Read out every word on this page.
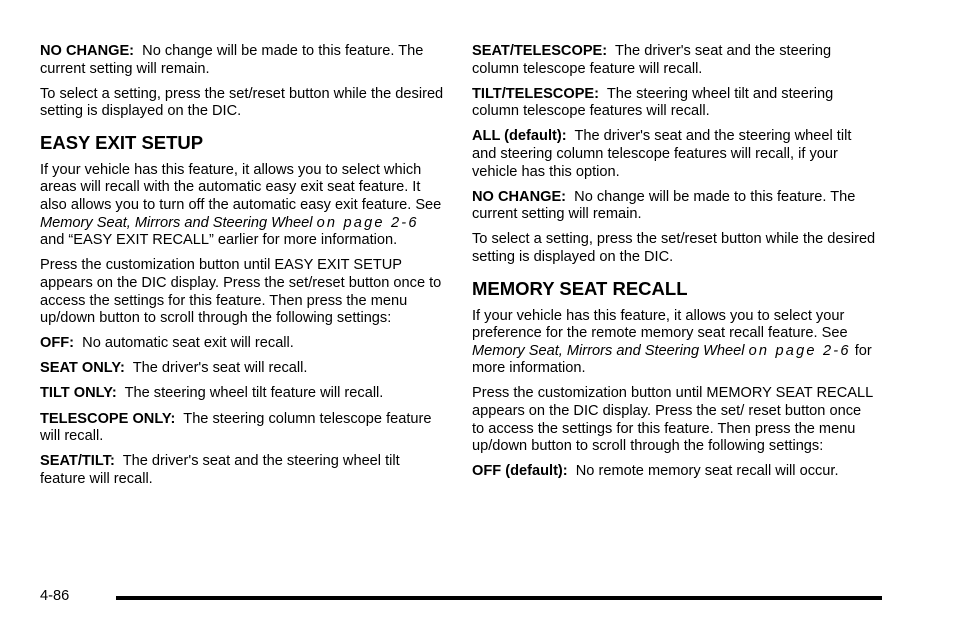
NO CHANGE: No change will be made to this feature. The current setting will remain.

To select a setting, press the set/reset button while the desired setting is displayed on the DIC.

EASY EXIT SETUP

If your vehicle has this feature, it allows you to select which areas will recall with the automatic easy exit seat feature. It also allows you to turn off the automatic easy exit feature. See Memory Seat, Mirrors and Steering Wheel on page 2-6 and “EASY EXIT RECALL” earlier for more information.

Press the customization button until EASY EXIT SETUP appears on the DIC display. Press the set/reset button once to access the settings for this feature. Then press the menu up/down button to scroll through the following settings:

OFF: No automatic seat exit will recall.

SEAT ONLY: The driver's seat will recall.

TILT ONLY: The steering wheel tilt feature will recall.

TELESCOPE ONLY: The steering column telescope feature will recall.

SEAT/TILT: The driver's seat and the steering wheel tilt feature will recall.

SEAT/TELESCOPE: The driver's seat and the steering column telescope feature will recall.

TILT/TELESCOPE: The steering wheel tilt and steering column telescope features will recall.

ALL (default): The driver's seat and the steering wheel tilt and steering column telescope features will recall, if your vehicle has this option.

NO CHANGE: No change will be made to this feature. The current setting will remain.

To select a setting, press the set/reset button while the desired setting is displayed on the DIC.

MEMORY SEAT RECALL

If your vehicle has this feature, it allows you to select your preference for the remote memory seat recall feature. See Memory Seat, Mirrors and Steering Wheel on page 2-6 for more information.

Press the customization button until MEMORY SEAT RECALL appears on the DIC display. Press the set/ reset button once to access the settings for this feature. Then press the menu up/down button to scroll through the following settings:

OFF (default): No remote memory seat recall will occur.

4-86
